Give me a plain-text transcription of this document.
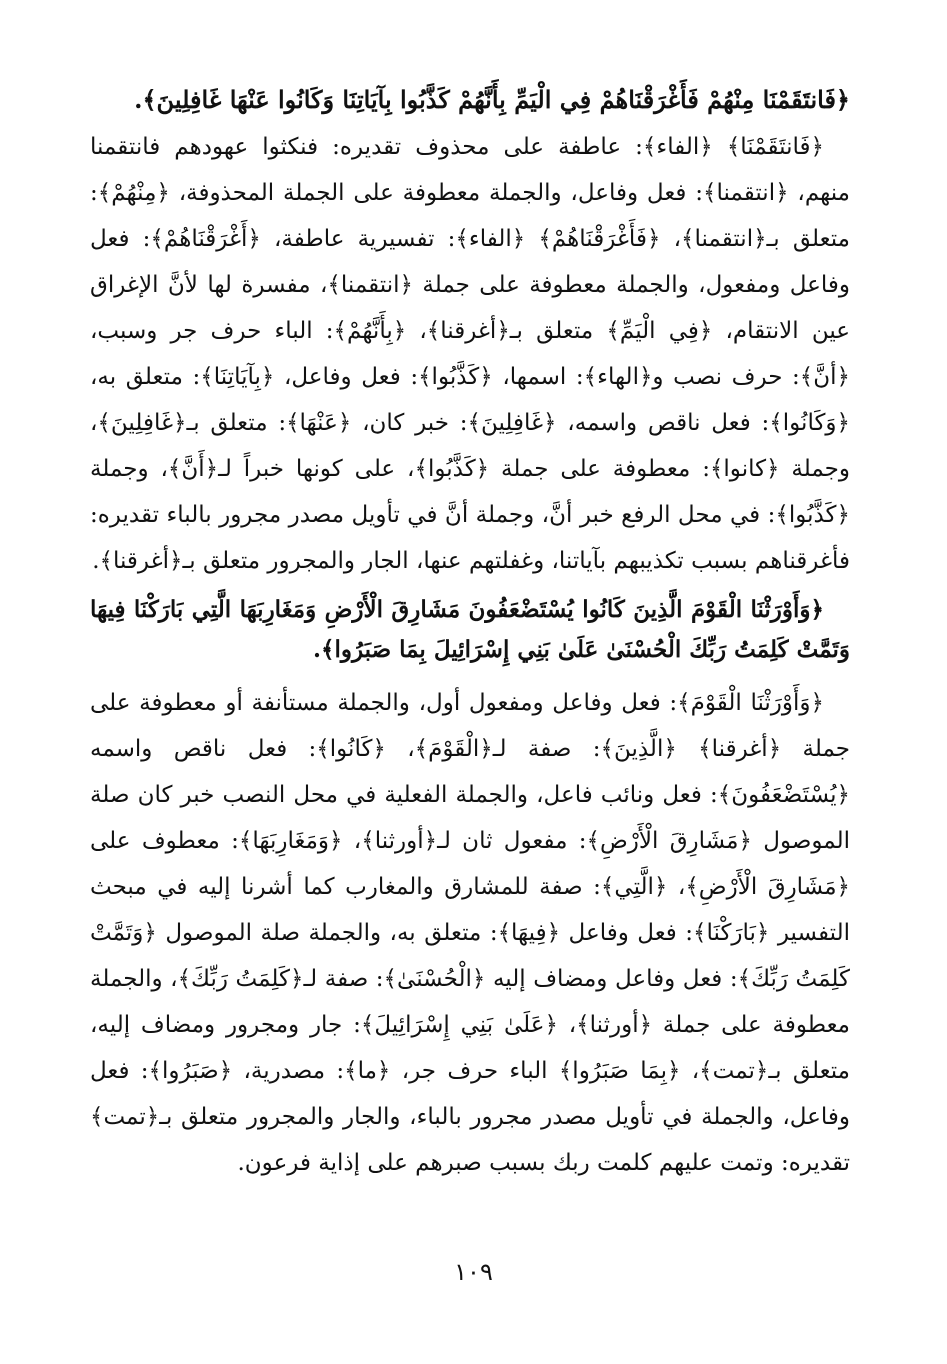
﴿فَانتَقَمْنَا مِنْهُمْ فَأَغْرَقْنَاهُمْ فِي الْيَمِّ بِأَنَّهُمْ كَذَّبُوا بِآيَاتِنَا وَكَانُوا عَنْهَا غَافِلِينَ﴾.

﴿فَانتَقَمْنَا﴾ ﴿الفاء﴾: عاطفة على محذوف تقديره: فنكثوا عهودهم فانتقمنا منهم، ﴿انتقمنا﴾: فعل وفاعل، والجملة معطوفة على الجملة المحذوفة، ﴿مِنْهُمْ﴾: متعلق بـ﴿انتقمنا﴾، ﴿فَأَغْرَقْنَاهُمْ﴾ ﴿الفاء﴾: تفسيرية عاطفة، ﴿أَغْرَقْنَاهُمْ﴾: فعل وفاعل ومفعول، والجملة معطوفة على جملة ﴿انتقمنا﴾، مفسرة لها لأنَّ الإغراق عين الانتقام، ﴿فِي الْيَمِّ﴾ متعلق بـ﴿أغرقنا﴾، ﴿بِأَنَّهُمْ﴾: الباء حرف جر وسبب، ﴿أنَّ﴾: حرف نصب و﴿الهاء﴾: اسمها، ﴿كَذَّبُوا﴾: فعل وفاعل، ﴿بِآيَاتِنَا﴾: متعلق به، ﴿وَكَانُوا﴾: فعل ناقص واسمه، ﴿غَافِلِينَ﴾: خبر كان، ﴿عَنْهَا﴾: متعلق بـ﴿غَافِلِينَ﴾، وجملة ﴿كانوا﴾: معطوفة على جملة ﴿كَذَّبُوا﴾، على كونها خبراً لـ﴿أَنَّ﴾، وجملة ﴿كَذَّبُوا﴾: في محل الرفع خبر أنَّ، وجملة أنَّ في تأويل مصدر مجرور بالباء تقديره: فأغرقناهم بسبب تكذيبهم بآياتنا، وغفلتهم عنها، الجار والمجرور متعلق بـ﴿أغرقنا﴾.

﴿وَأَوْرَثْنَا الْقَوْمَ الَّذِينَ كَانُوا يُسْتَضْعَفُونَ مَشَارِقَ الْأَرْضِ وَمَغَارِبَهَا الَّتِي بَارَكْنَا فِيهَا وَتَمَّتْ كَلِمَتُ رَبِّكَ الْحُسْنَىٰ عَلَىٰ بَنِي إِسْرَائِيلَ بِمَا صَبَرُوا﴾.

﴿وَأَوْرَثْنَا الْقَوْمَ﴾: فعل وفاعل ومفعول أول، والجملة مستأنفة أو معطوفة على جملة ﴿أغرقنا﴾ ﴿الَّذِينَ﴾: صفة لـ﴿الْقَوْمَ﴾، ﴿كَانُوا﴾: فعل ناقص واسمه ﴿يُسْتَضْعَفُونَ﴾: فعل ونائب فاعل، والجملة الفعلية في محل النصب خبر كان صلة الموصول ﴿مَشَارِقَ الْأَرْضِ﴾: مفعول ثان لـ﴿أورثنا﴾، ﴿وَمَغَارِبَهَا﴾: معطوف على ﴿مَشَارِقَ الْأَرْضِ﴾، ﴿الَّتِي﴾: صفة للمشارق والمغارب كما أشرنا إليه في مبحث التفسير ﴿بَارَكْنَا﴾: فعل وفاعل ﴿فِيهَا﴾: متعلق به، والجملة صلة الموصول ﴿وَتَمَّتْ كَلِمَتُ رَبِّكَ﴾: فعل وفاعل ومضاف إليه ﴿الْحُسْنَىٰ﴾: صفة لـ﴿كَلِمَتُ رَبِّكَ﴾، والجملة معطوفة على جملة ﴿أورثنا﴾، ﴿عَلَىٰ بَنِي إِسْرَائِيلَ﴾: جار ومجرور ومضاف إليه، متعلق بـ﴿تمت﴾، ﴿بِمَا صَبَرُوا﴾ الباء حرف جر، ﴿ما﴾: مصدرية، ﴿صَبَرُوا﴾: فعل وفاعل، والجملة في تأويل مصدر مجرور بالباء، والجار والمجرور متعلق بـ﴿تمت﴾ تقديره: وتمت عليهم كلمت ربك بسبب صبرهم على إذاية فرعون.

١٠٩
